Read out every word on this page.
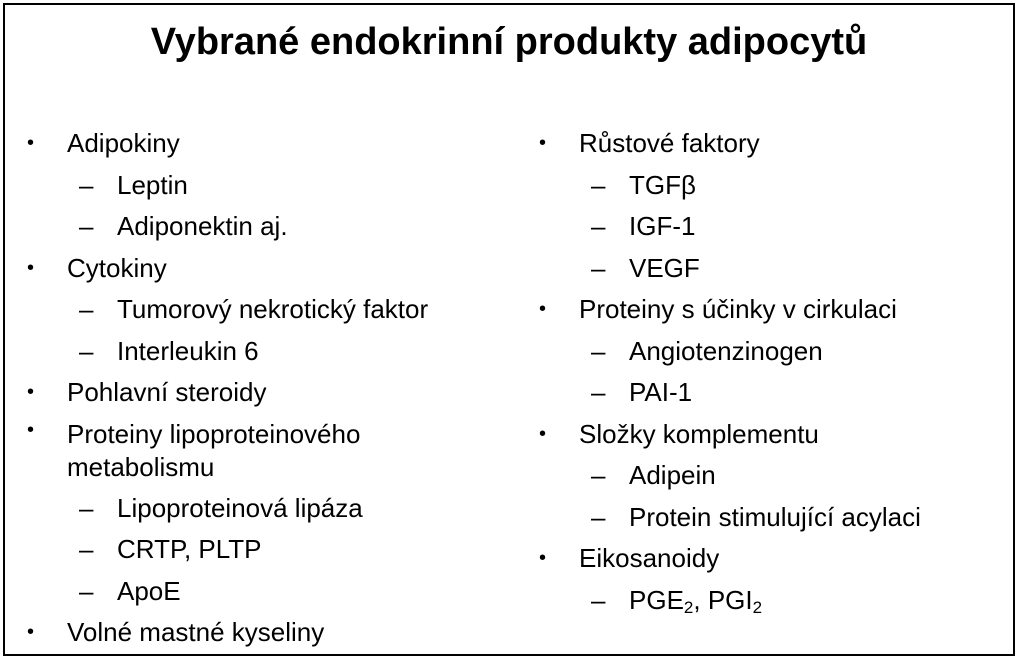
Vybrané endokrinní produkty adipocytů
• Adipokiny
– Leptin
– Adiponektin aj.
• Cytokiny
– Tumorový nekrotický faktor
– Interleukin 6
• Pohlavní steroidy
• Proteiny lipoproteinového
metabolismu
– Lipoproteinová lipáza
– CRTP, PLTP
– ApoE
• Volné mastné kyseliny
• Růstové faktory
– TGFβ
– IGF-1
– VEGF
• Proteiny s účinky v cirkulaci
– Angiotenzinogen
– PAI-1
• Složky komplementu
– Adipein
– Protein stimulující acylaci
• Eikosanoidy
– $PGE_2$, $PGI_2$
